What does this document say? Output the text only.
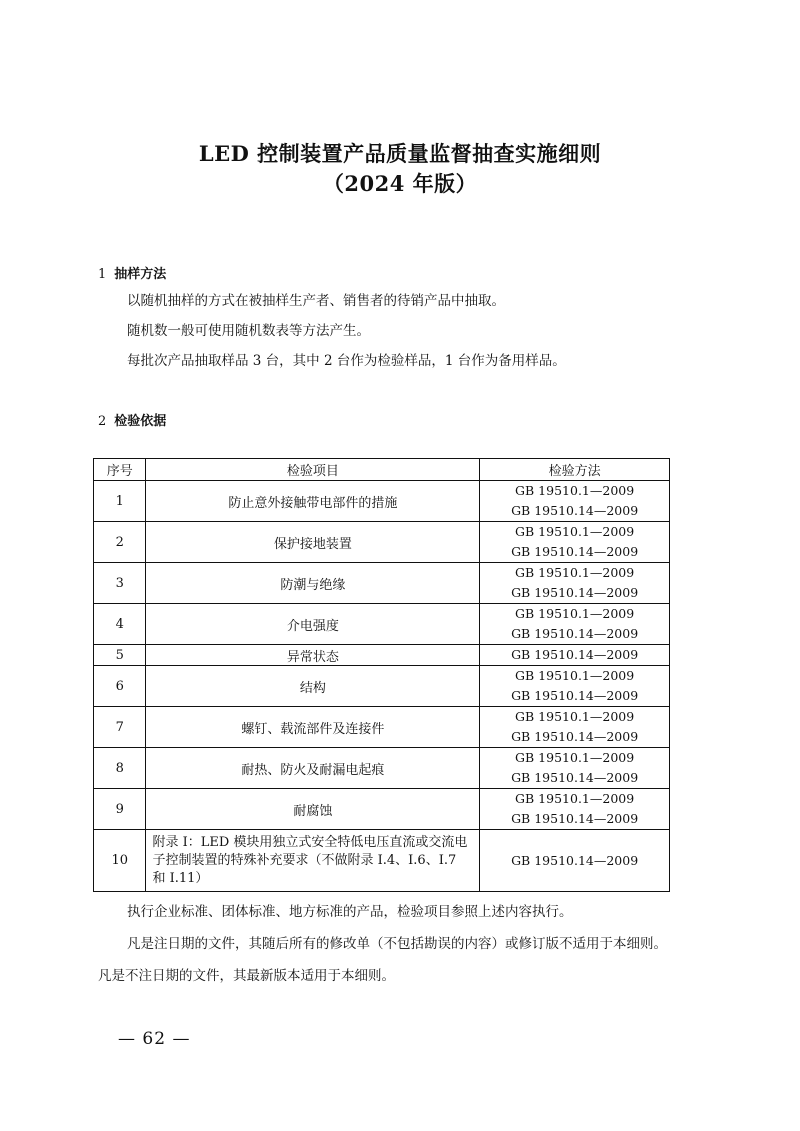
LED 控制装置产品质量监督抽查实施细则
（2024 年版）
1 抽样方法
以随机抽样的方式在被抽样生产者、销售者的待销产品中抽取。
随机数一般可使用随机数表等方法产生。
每批次产品抽取样品 3 台，其中 2 台作为检验样品，1 台作为备用样品。
2 检验依据
序号	检验项目	检验方法
1	防止意外接触带电部件的措施	GB 19510.1—2009
GB 19510.14—2009

2	保护接地装置	GB 19510.1—2009
GB 19510.14—2009

3	防潮与绝缘	GB 19510.1—2009
GB 19510.14—2009

4	介电强度	GB 19510.1—2009
GB 19510.14—2009

5	异常状态	GB 19510.14—2009

6	结构	GB 19510.1—2009
GB 19510.14—2009

7	螺钉、载流部件及连接件	GB 19510.1—2009
GB 19510.14—2009

8	耐热、防火及耐漏电起痕	GB 19510.1—2009
GB 19510.14—2009

9	耐腐蚀	GB 19510.1—2009
GB 19510.14—2009

10	附录 I：LED 模块用独立式安全特低电压直流或交流电子控制装置的特殊补充要求（不做附录 I.4、I.6、I.7 和 I.11）	GB 19510.14—2009
执行企业标准、团体标准、地方标准的产品，检验项目参照上述内容执行。
凡是注日期的文件，其随后所有的修改单（不包括勘误的内容）或修订版不适用于本细则。凡是不注日期的文件，其最新版本适用于本细则。
— 62 —
